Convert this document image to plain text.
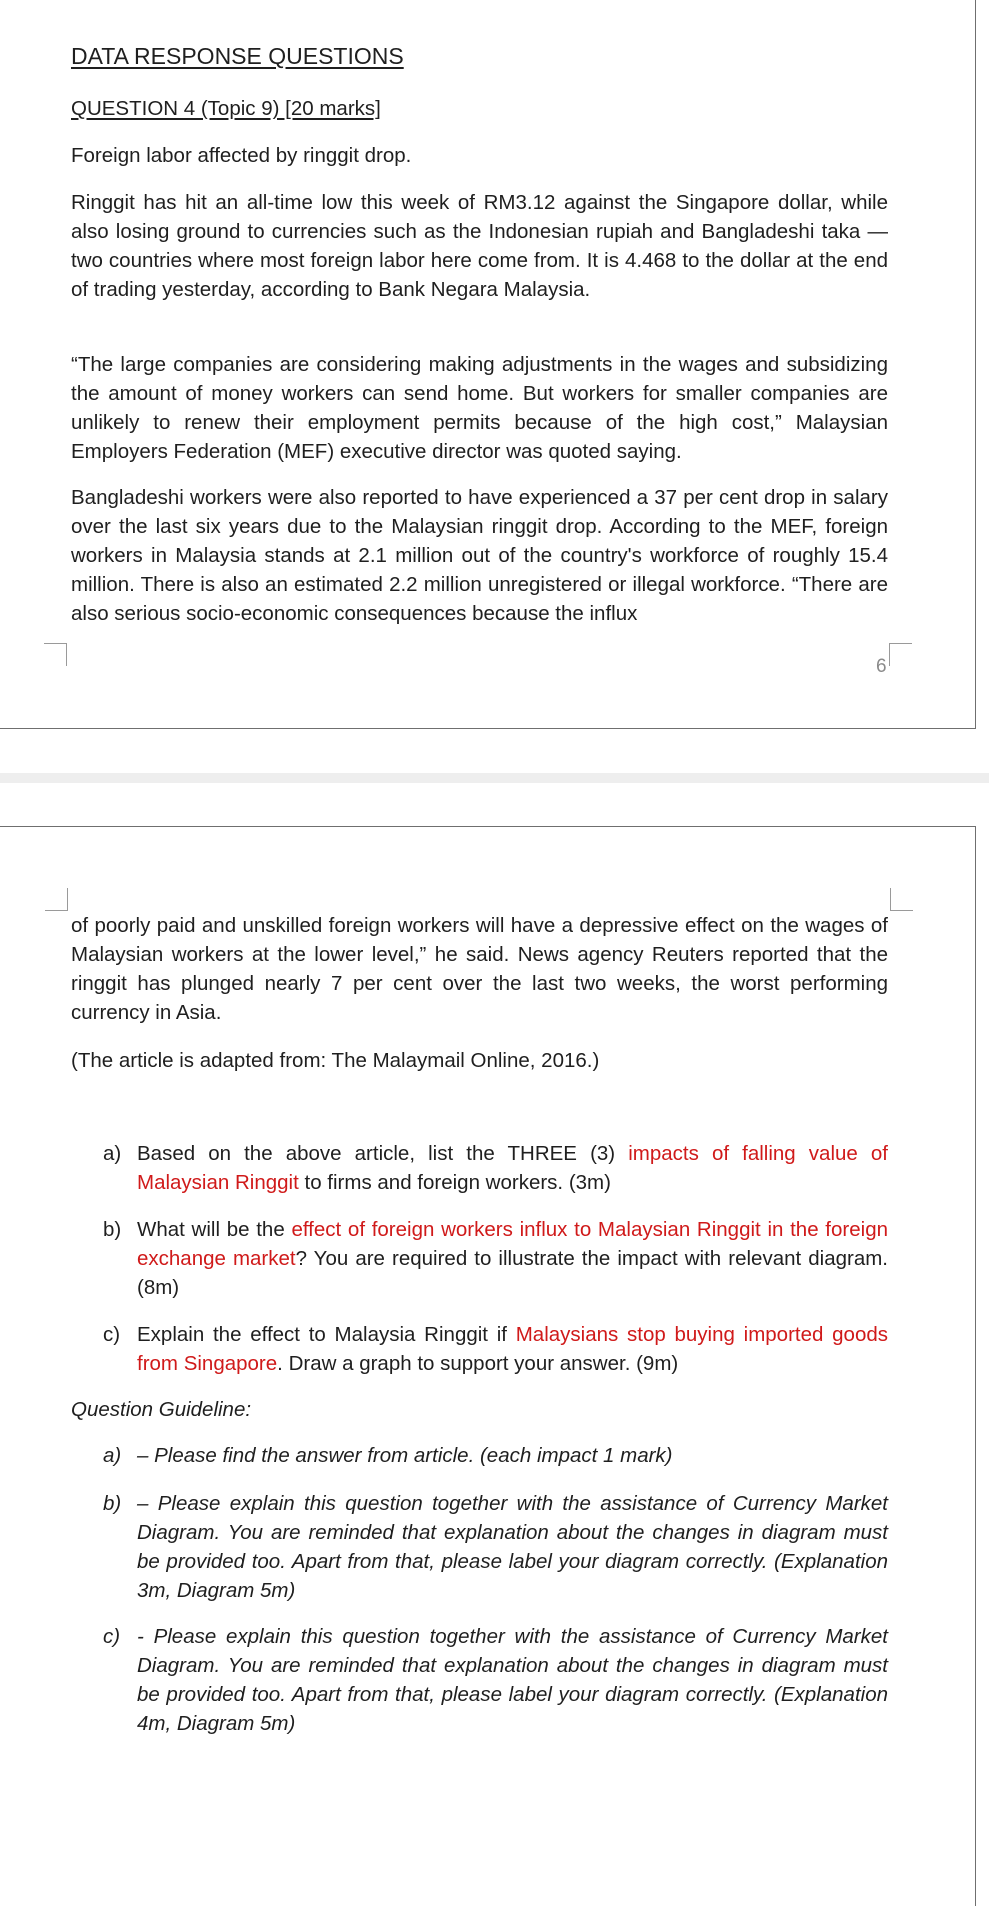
DATA RESPONSE QUESTIONS
QUESTION 4 (Topic 9) [20 marks]
Foreign labor affected by ringgit drop.
Ringgit has hit an all-time low this week of RM3.12 against the Singapore dollar, while also losing ground to currencies such as the Indonesian rupiah and Bangladeshi taka — two countries where most foreign labor here come from. It is 4.468 to the dollar at the end of trading yesterday, according to Bank Negara Malaysia.
“The large companies are considering making adjustments in the wages and subsidizing the amount of money workers can send home. But workers for smaller companies are unlikely to renew their employment permits because of the high cost,” Malaysian Employers Federation (MEF) executive director was quoted saying.
Bangladeshi workers were also reported to have experienced a 37 per cent drop in salary over the last six years due to the Malaysian ringgit drop. According to the MEF, foreign workers in Malaysia stands at 2.1 million out of the country's workforce of roughly 15.4 million. There is also an estimated 2.2 million unregistered or illegal workforce. “There are also serious socio-economic consequences because the influx
6
of poorly paid and unskilled foreign workers will have a depressive effect on the wages of Malaysian workers at the lower level,” he said. News agency Reuters reported that the ringgit has plunged nearly 7 per cent over the last two weeks, the worst performing currency in Asia.
(The article is adapted from: The Malaymail Online, 2016.)
a) Based on the above article, list the THREE (3) impacts of falling value of Malaysian Ringgit to firms and foreign workers. (3m)
b) What will be the effect of foreign workers influx to Malaysian Ringgit in the foreign exchange market? You are required to illustrate the impact with relevant diagram. (8m)
c) Explain the effect to Malaysia Ringgit if Malaysians stop buying imported goods from Singapore. Draw a graph to support your answer. (9m)
Question Guideline:
a) – Please find the answer from article. (each impact 1 mark)
b) – Please explain this question together with the assistance of Currency Market Diagram. You are reminded that explanation about the changes in diagram must be provided too. Apart from that, please label your diagram correctly. (Explanation 3m, Diagram 5m)
c) - Please explain this question together with the assistance of Currency Market Diagram. You are reminded that explanation about the changes in diagram must be provided too. Apart from that, please label your diagram correctly. (Explanation 4m, Diagram 5m)
